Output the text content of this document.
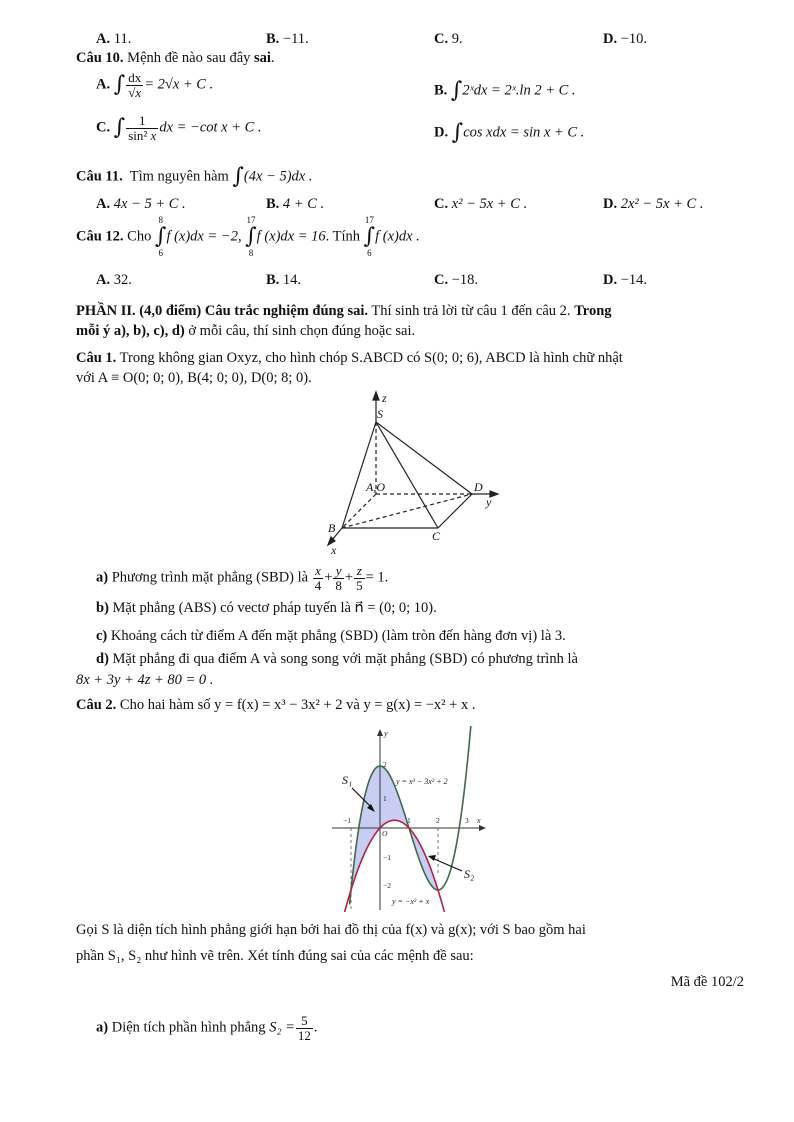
A. 11.	B. −11.	C. 9.	D. −10.
Câu 10. Mệnh đề nào sau đây sai.
A. ∫ $\frac{dx}{√x} = 2√x + C$ .	B. ∫2ˣdx = 2ˣ.ln 2 + C .
C. ∫ $\frac{1}{\text{sin² x}}$ dx = −cot x + C .	D. ∫cos xdx = sin x + C .
Câu 11. Tìm nguyên hàm ∫(4x − 5)dx .
A. 4x − 5 + C .	B. 4 + C .	C. x² − 5x + C .	D. 2x² − 5x + C .
Câu 12. Cho 8
∫
6f (x)dx = −2, 17
∫
8f (x)dx = 16. Tính 17
∫
6f (x)dx .
A. 32.	B. 14.	C. −18.	D. −14.
PHẦN II. (4,0 điểm) Câu trắc nghiệm đúng sai. Thí sinh trả lời từ câu 1 đến câu 2. Trong
mỗi ý a), b), c), d) ở mỗi câu, thí sinh chọn đúng hoặc sai.
Câu 1. Trong không gian Oxyz, cho hình chóp S.ABCD có S(0; 0; 6), ABCD là hình chữ nhật
với A ≡ O(0; 0; 0), B(4; 0; 0), D(0; 8; 0).
z
S
A,O	D
y
B
C
x
a) Phương trình mặt phẳng (SBD) là $\frac{x}{4} + \frac{y}{8} + \frac{z}{5} = 1$.
b) Mặt phẳng (ABS) có vectơ pháp tuyến là n⃗ = (0; 0; 10).
c) Khoảng cách từ điểm A đến mặt phẳng (SBD) (làm tròn đến hàng đơn vị) là 3.
d) Mặt phẳng đi qua điểm A và song song với mặt phẳng (SBD) có phương trình là
8x + 3y + 4z + 80 = 0 .
Câu 2. Cho hai hàm số y = f(x) = x³ − 3x² + 2 và y = g(x) = −x² + x .
y
x
y = x³ − 3x² + 2
y = −x² + x
2
1
−1
−2
−1	1	2	3
O
S₁
S₂
Gọi S là diện tích hình phẳng giới hạn bởi hai đồ thị của f(x) và g(x); với S bao gồm hai
phần S₁, S₂ như hình vẽ trên. Xét tính đúng sai của các mệnh đề sau:
Mã đề 102/2
a) Diện tích phần hình phẳng $S_2 = \frac{5}{12}$ .
